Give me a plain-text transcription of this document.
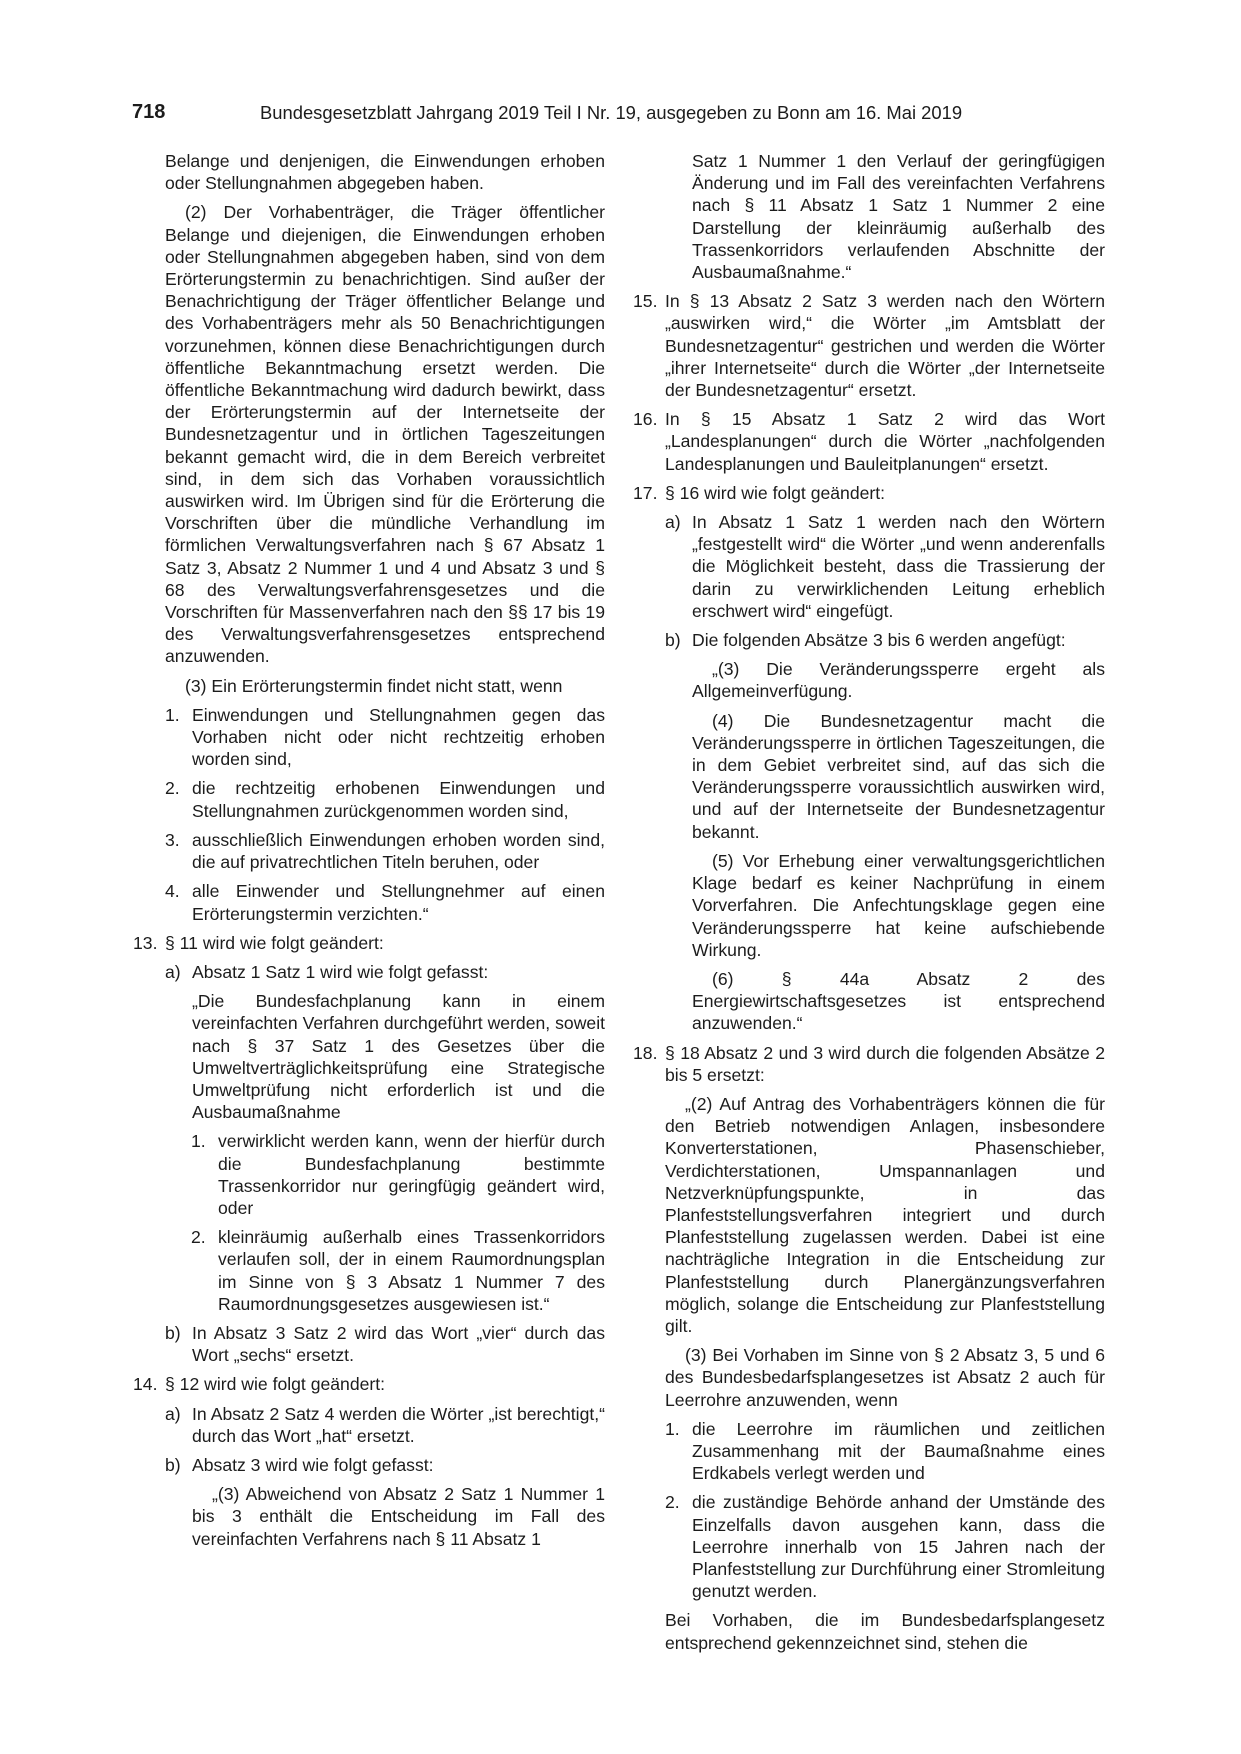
718	Bundesgesetzblatt Jahrgang 2019 Teil I Nr. 19, ausgegeben zu Bonn am 16. Mai 2019

Belange und denjenigen, die Einwendungen erhoben oder Stellungnahmen abgegeben haben.

(2) Der Vorhabenträger, die Träger öffentlicher Belange und diejenigen, die Einwendungen erhoben oder Stellungnahmen abgegeben haben, sind von dem Erörterungstermin zu benachrichtigen. Sind außer der Benachrichtigung der Träger öffentlicher Belange und des Vorhabenträgers mehr als 50 Benachrichtigungen vorzunehmen, können diese Benachrichtigungen durch öffentliche Bekanntmachung ersetzt werden. Die öffentliche Bekanntmachung wird dadurch bewirkt, dass der Erörterungstermin auf der Internetseite der Bundesnetzagentur und in örtlichen Tageszeitungen bekannt gemacht wird, die in dem Bereich verbreitet sind, in dem sich das Vorhaben voraussichtlich auswirken wird. Im Übrigen sind für die Erörterung die Vorschriften über die mündliche Verhandlung im förmlichen Verwaltungsverfahren nach § 67 Absatz 1 Satz 3, Absatz 2 Nummer 1 und 4 und Absatz 3 und § 68 des Verwaltungsverfahrensgesetzes und die Vorschriften für Massenverfahren nach den §§ 17 bis 19 des Verwaltungsverfahrensgesetzes entsprechend anzuwenden.

(3) Ein Erörterungstermin findet nicht statt, wenn

1. Einwendungen und Stellungnahmen gegen das Vorhaben nicht oder nicht rechtzeitig erhoben worden sind,
2. die rechtzeitig erhobenen Einwendungen und Stellungnahmen zurückgenommen worden sind,
3. ausschließlich Einwendungen erhoben worden sind, die auf privatrechtlichen Titeln beruhen, oder
4. alle Einwender und Stellungnehmer auf einen Erörterungstermin verzichten.“
13. § 11 wird wie folgt geändert:
a) Absatz 1 Satz 1 wird wie folgt gefasst:

„Die Bundesfachplanung kann in einem vereinfachten Verfahren durchgeführt werden, soweit nach § 37 Satz 1 des Gesetzes über die Umweltverträglichkeitsprüfung eine Strategische Umweltprüfung nicht erforderlich ist und die Ausbaumaßnahme

1. verwirklicht werden kann, wenn der hierfür durch die Bundesfachplanung bestimmte Trassenkorridor nur geringfügig geändert wird, oder
2. kleinräumig außerhalb eines Trassenkorridors verlaufen soll, der in einem Raumordnungsplan im Sinne von § 3 Absatz 1 Nummer 7 des Raumordnungsgesetzes ausgewiesen ist.“
b) In Absatz 3 Satz 2 wird das Wort „vier“ durch das Wort „sechs“ ersetzt.
14. § 12 wird wie folgt geändert:
a) In Absatz 2 Satz 4 werden die Wörter „ist berechtigt,“ durch das Wort „hat“ ersetzt.
b) Absatz 3 wird wie folgt gefasst:

„(3) Abweichend von Absatz 2 Satz 1 Nummer 1 bis 3 enthält die Entscheidung im Fall des vereinfachten Verfahrens nach § 11 Absatz 1

Satz 1 Nummer 1 den Verlauf der geringfügigen Änderung und im Fall des vereinfachten Verfahrens nach § 11 Absatz 1 Satz 1 Nummer 2 eine Darstellung der kleinräumig außerhalb des Trassenkorridors verlaufenden Abschnitte der Ausbaumaßnahme.“

15. In § 13 Absatz 2 Satz 3 werden nach den Wörtern „auswirken wird,“ die Wörter „im Amtsblatt der Bundesnetzagentur“ gestrichen und werden die Wörter „ihrer Internetseite“ durch die Wörter „der Internetseite der Bundesnetzagentur“ ersetzt.
16. In § 15 Absatz 1 Satz 2 wird das Wort „Landesplanungen“ durch die Wörter „nachfolgenden Landesplanungen und Bauleitplanungen“ ersetzt.
17. § 16 wird wie folgt geändert:
a) In Absatz 1 Satz 1 werden nach den Wörtern „festgestellt wird“ die Wörter „und wenn anderenfalls die Möglichkeit besteht, dass die Trassierung der darin zu verwirklichenden Leitung erheblich erschwert wird“ eingefügt.
b) Die folgenden Absätze 3 bis 6 werden angefügt:

„(3) Die Veränderungssperre ergeht als Allgemeinverfügung.

(4) Die Bundesnetzagentur macht die Veränderungssperre in örtlichen Tageszeitungen, die in dem Gebiet verbreitet sind, auf das sich die Veränderungssperre voraussichtlich auswirken wird, und auf der Internetseite der Bundesnetzagentur bekannt.

(5) Vor Erhebung einer verwaltungsgerichtlichen Klage bedarf es keiner Nachprüfung in einem Vorverfahren. Die Anfechtungsklage gegen eine Veränderungssperre hat keine aufschiebende Wirkung.

(6) § 44a Absatz 2 des Energiewirtschaftsgesetzes ist entsprechend anzuwenden.“

18. § 18 Absatz 2 und 3 wird durch die folgenden Absätze 2 bis 5 ersetzt:

„(2) Auf Antrag des Vorhabenträgers können die für den Betrieb notwendigen Anlagen, insbesondere Konverterstationen, Phasenschieber, Verdichterstationen, Umspannanlagen und Netzverknüpfungspunkte, in das Planfeststellungsverfahren integriert und durch Planfeststellung zugelassen werden. Dabei ist eine nachträgliche Integration in die Entscheidung zur Planfeststellung durch Planergänzungsverfahren möglich, solange die Entscheidung zur Planfeststellung gilt.

(3) Bei Vorhaben im Sinne von § 2 Absatz 3, 5 und 6 des Bundesbedarfsplangesetzes ist Absatz 2 auch für Leerrohre anzuwenden, wenn

1. die Leerrohre im räumlichen und zeitlichen Zusammenhang mit der Baumaßnahme eines Erdkabels verlegt werden und
2. die zuständige Behörde anhand der Umstände des Einzelfalls davon ausgehen kann, dass die Leerrohre innerhalb von 15 Jahren nach der Planfeststellung zur Durchführung einer Stromleitung genutzt werden.

Bei Vorhaben, die im Bundesbedarfsplangesetz entsprechend gekennzeichnet sind, stehen die
